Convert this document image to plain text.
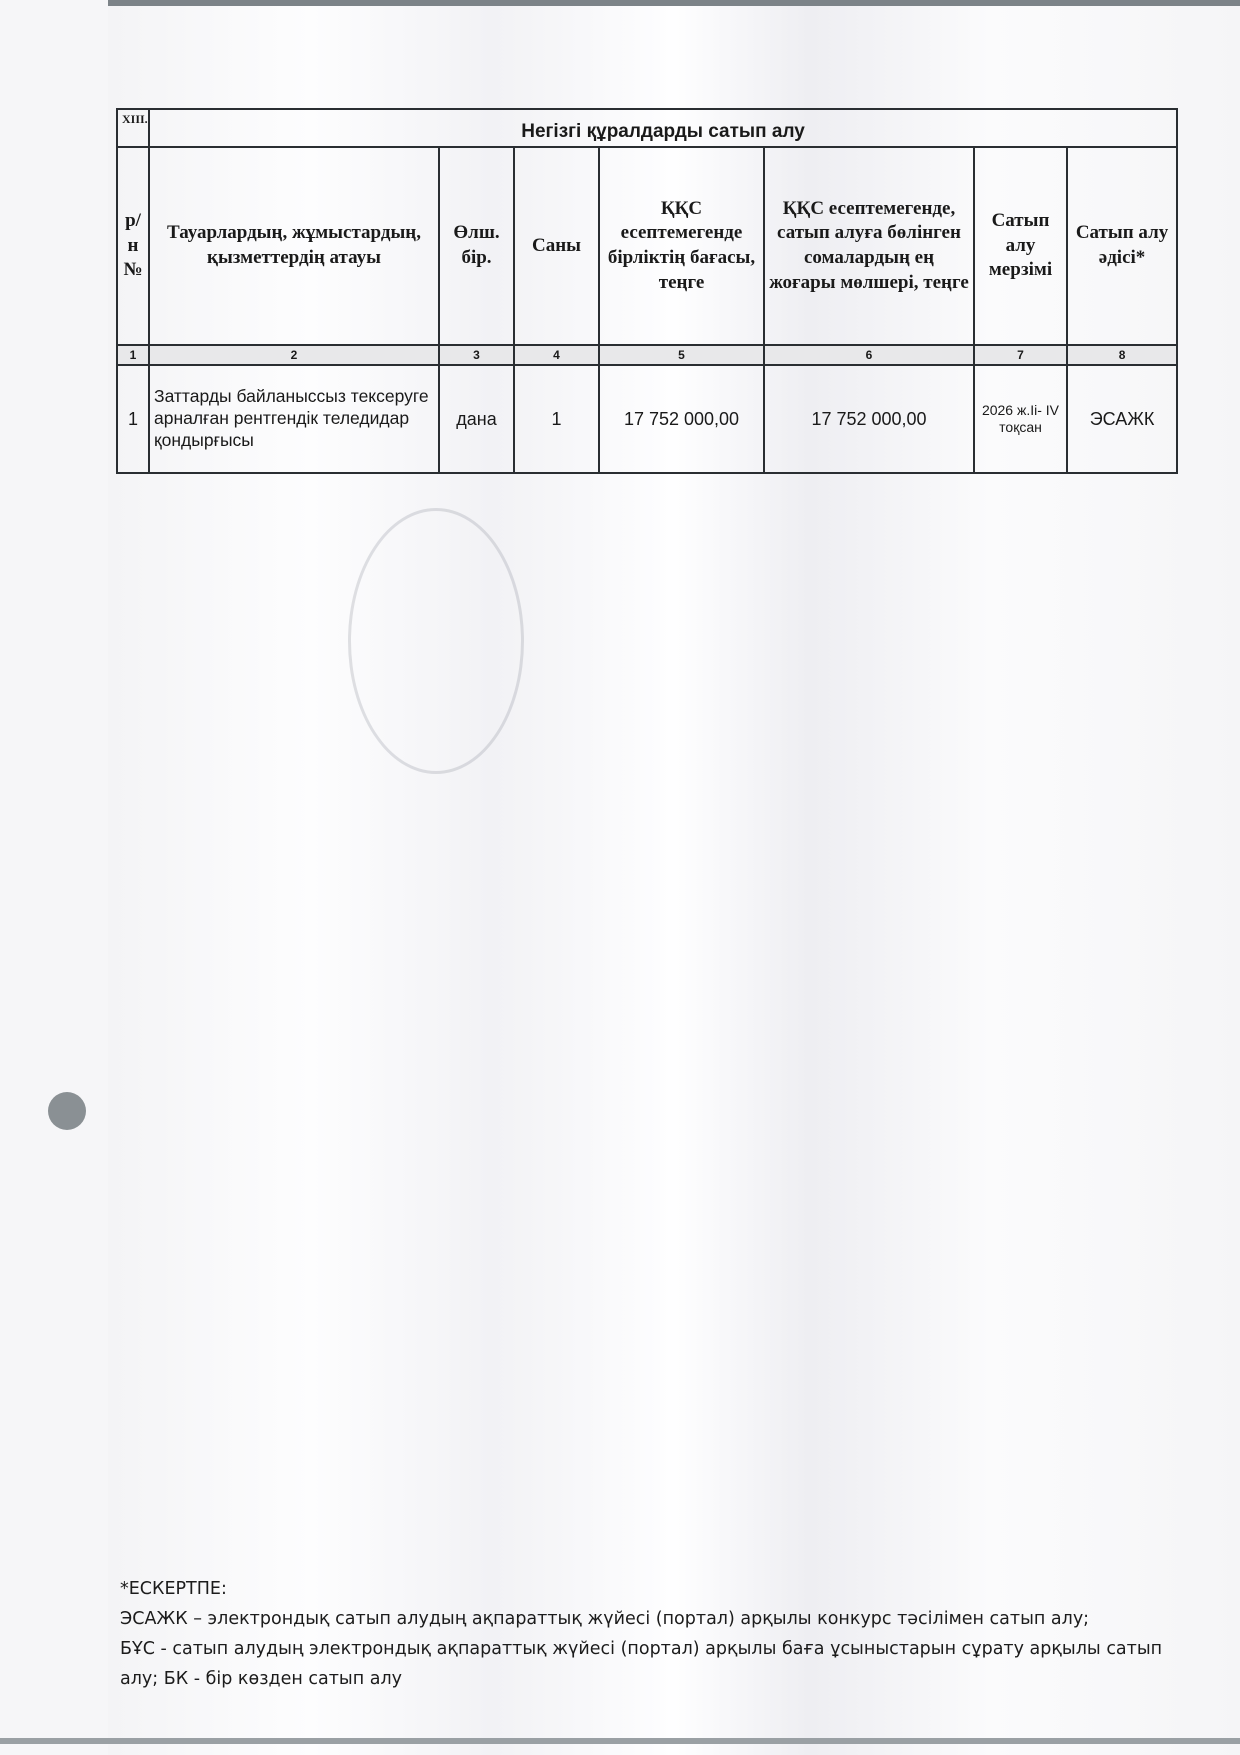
XIII.	Негізгі құралдарды сатып алу						
р/н №	Тауарлардың, жұмыстардың, қызметтердің атауы	Өлш. бір.	Саны	ҚҚС есептемегенде бірліктің бағасы, теңге	ҚҚС есептемегенде, сатып алуға бөлінген сомалардың ең жоғары мөлшері, теңге	Сатып алу мерзімі	Сатып алу әдісі*
1	2	3	4	5	6	7	8
1	Заттарды байланыссыз тексеруге арналған рентгендік теледидар қондырғысы	дана	1	17 752 000,00	17 752 000,00	2026 ж.Ii- IV тоқсан	ЭСАЖК
*ЕСКЕРТПЕ:
ЭСАЖК – электрондық сатып алудың ақпараттық жүйесі (портал) арқылы конкурс тәсілімен сатып алу;
БҰС - сатып алудың электрондық ақпараттық жүйесі (портал) арқылы баға ұсыныстарын сұрату арқылы сатып
алу; БК - бір көзден сатып алу
